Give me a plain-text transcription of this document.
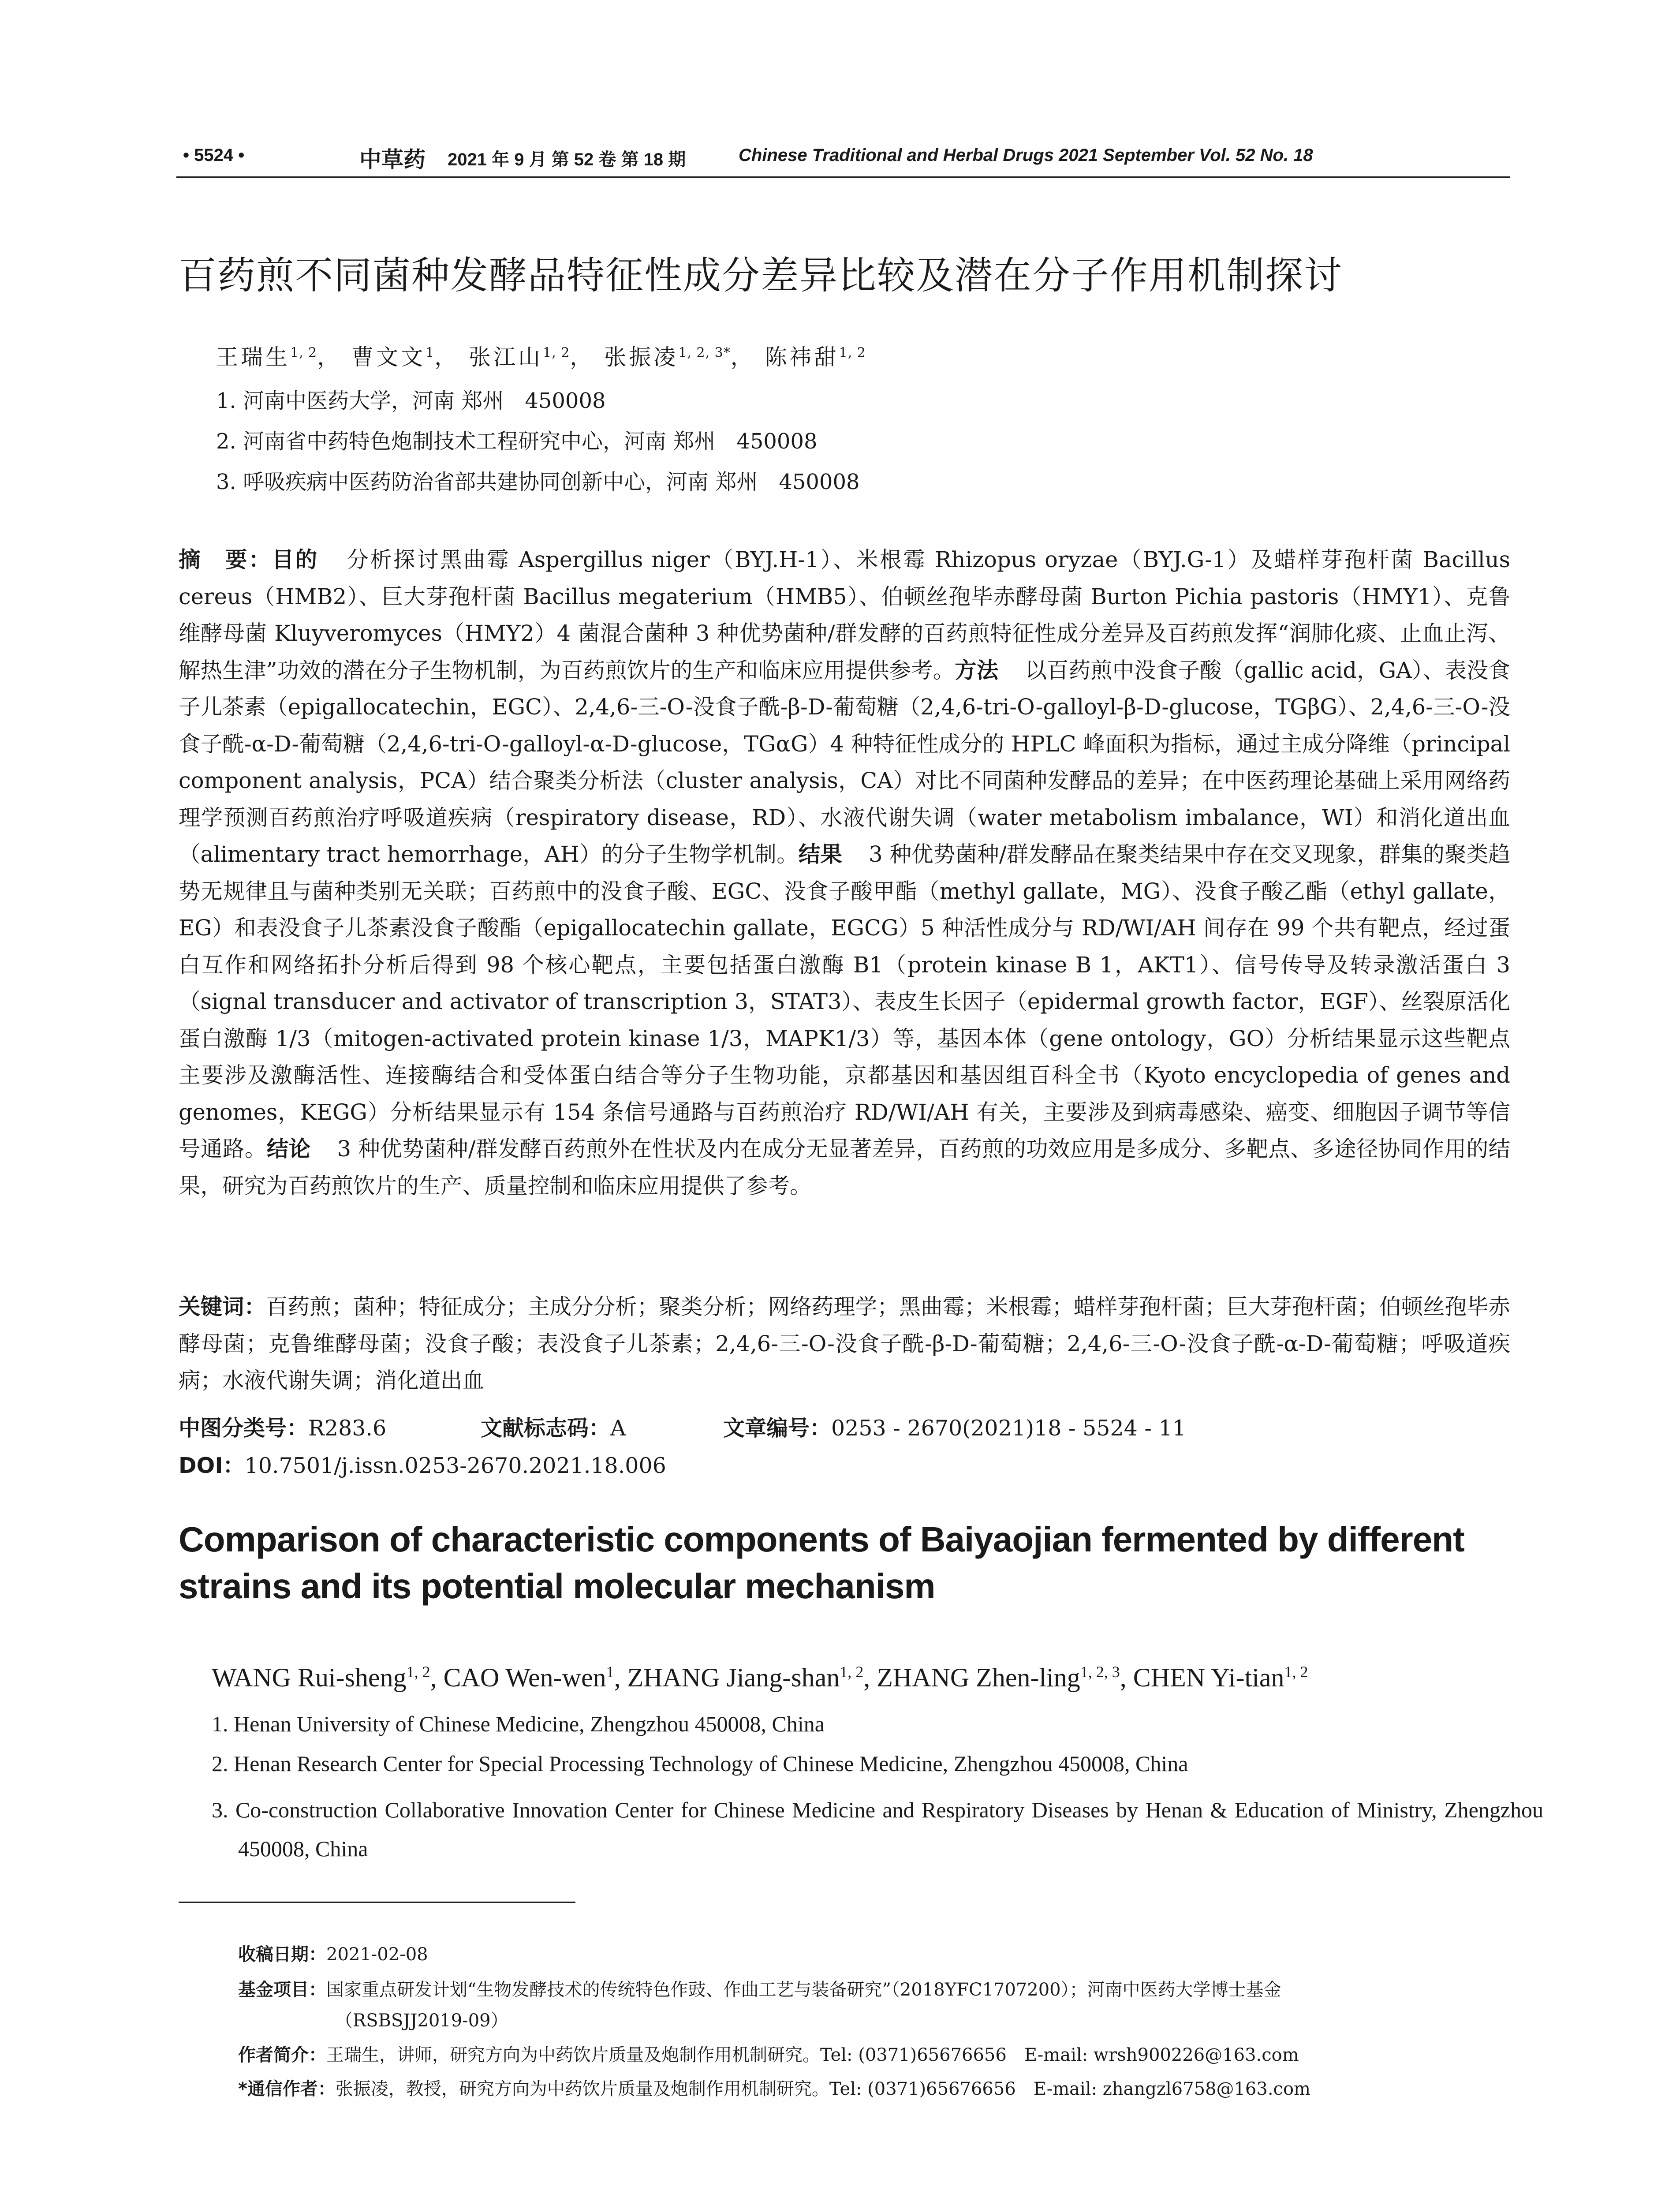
• 5524 •	中草药 2021 年 9 月 第 52 卷 第 18 期	Chinese Traditional and Herbal Drugs 2021 September Vol. 52 No. 18
百药煎不同菌种发酵品特征性成分差异比较及潜在分子作用机制探讨
王瑞生$^{1, 2}$， 曹文文$^1$， 张江山$^{1, 2}$， 张振凌$^{1, 2, 3*}$， 陈祎甜$^{1, 2}$
1. 河南中医药大学，河南 郑州　450008
2. 河南省中药特色炮制技术工程研究中心，河南 郑州　450008
3. 呼吸疾病中医药防治省部共建协同创新中心，河南 郑州　450008
摘　要：目的 分析探讨黑曲霉 Aspergillus niger（BYJ.H-1）、米根霉 Rhizopus oryzae（BYJ.G-1）及蜡样芽孢杆菌 Bacillus cereus（HMB2）、巨大芽孢杆菌 Bacillus megaterium（HMB5）、伯顿丝孢毕赤酵母菌 Burton Pichia pastoris（HMY1）、克鲁维酵母菌 Kluyveromyces（HMY2）4 菌混合菌种 3 种优势菌种/群发酵的百药煎特征性成分差异及百药煎发挥“润肺化痰、止血止泻、解热生津”功效的潜在分子生物机制，为百药煎饮片的生产和临床应用提供参考。方法 以百药煎中没食子酸（gallic acid，GA）、表没食子儿茶素（epigallocatechin，EGC）、2,4,6-三-O-没食子酰-β-D-葡萄糖（2,4,6-tri-O-galloyl-β-D-glucose，TGβG）、2,4,6-三-O-没食子酰-α-D-葡萄糖（2,4,6-tri-O-galloyl-α-D-glucose，TGαG）4 种特征性成分的 HPLC 峰面积为指标，通过主成分降维（principal component analysis，PCA）结合聚类分析法（cluster analysis，CA）对比不同菌种发酵品的差异；在中医药理论基础上采用网络药理学预测百药煎治疗呼吸道疾病（respiratory disease，RD）、水液代谢失调（water metabolism imbalance，WI）和消化道出血（alimentary tract hemorrhage，AH）的分子生物学机制。结果 3 种优势菌种/群发酵品在聚类结果中存在交叉现象，群集的聚类趋势无规律且与菌种类别无关联；百药煎中的没食子酸、EGC、没食子酸甲酯（methyl gallate，MG）、没食子酸乙酯（ethyl gallate，EG）和表没食子儿茶素没食子酸酯（epigallocatechin gallate，EGCG）5 种活性成分与 RD/WI/AH 间存在 99 个共有靶点，经过蛋白互作和网络拓扑分析后得到 98 个核心靶点，主要包括蛋白激酶 B1（protein kinase B 1，AKT1）、信号传导及转录激活蛋白 3（signal transducer and activator of transcription 3，STAT3）、表皮生长因子（epidermal growth factor，EGF）、丝裂原活化蛋白激酶 1/3（mitogen-activated protein kinase 1/3，MAPK1/3）等，基因本体（gene ontology，GO）分析结果显示这些靶点主要涉及激酶活性、连接酶结合和受体蛋白结合等分子生物功能，京都基因和基因组百科全书（Kyoto encyclopedia of genes and genomes，KEGG）分析结果显示有 154 条信号通路与百药煎治疗 RD/WI/AH 有关，主要涉及到病毒感染、癌变、细胞因子调节等信号通路。结论 3 种优势菌种/群发酵百药煎外在性状及内在成分无显著差异，百药煎的功效应用是多成分、多靶点、多途径协同作用的结果，研究为百药煎饮片的生产、质量控制和临床应用提供了参考。
关键词：百药煎；菌种；特征成分；主成分分析；聚类分析；网络药理学；黑曲霉；米根霉；蜡样芽孢杆菌；巨大芽孢杆菌；伯顿丝孢毕赤酵母菌；克鲁维酵母菌；没食子酸；表没食子儿茶素；2,4,6-三-O-没食子酰-β-D-葡萄糖；2,4,6-三-O-没食子酰-α-D-葡萄糖；呼吸道疾病；水液代谢失调；消化道出血
中图分类号：R283.6	文献标志码：A	文章编号：0253 - 2670(2021)18 - 5524 - 11
DOI：10.7501/j.issn.0253-2670.2021.18.006
Comparison of characteristic components of Baiyaojian fermented by different strains and its potential molecular mechanism
WANG Rui-sheng$^{1, 2}$, CAO Wen-wen$^1$, ZHANG Jiang-shan$^{1, 2}$, ZHANG Zhen-ling$^{1, 2, 3}$, CHEN Yi-tian$^{1, 2}$
1. Henan University of Chinese Medicine, Zhengzhou 450008, China
2. Henan Research Center for Special Processing Technology of Chinese Medicine, Zhengzhou 450008, China
3. Co-construction Collaborative Innovation Center for Chinese Medicine and Respiratory Diseases by Henan & Education of Ministry, Zhengzhou 450008, China
收稿日期：2021-02-08
基金项目：国家重点研发计划“生物发酵技术的传统特色作豉、作曲工艺与装备研究”（2018YFC1707200）；河南中医药大学博士基金
（RSBSJJ2019-09）
作者简介：王瑞生，讲师，研究方向为中药饮片质量及炮制作用机制研究。Tel: (0371)65676656　E-mail: wrsh900226@163.com
*通信作者：张振凌，教授，研究方向为中药饮片质量及炮制作用机制研究。Tel: (0371)65676656　E-mail: zhangzl6758@163.com
